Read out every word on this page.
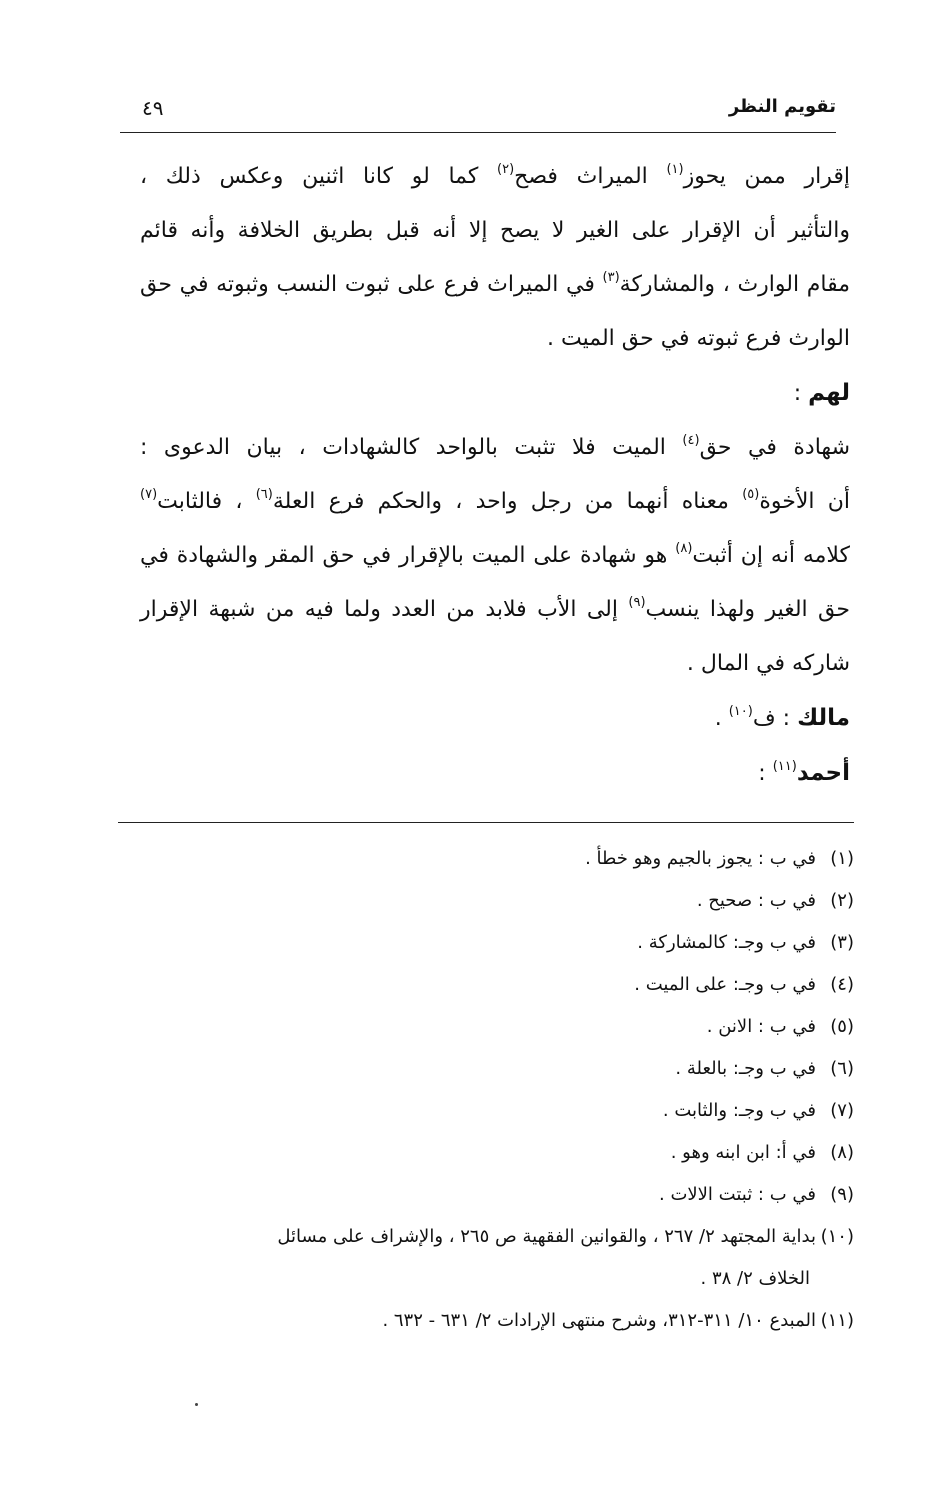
تقويم النظر
٤٩

إقرار ممن يحوز$^{(١)}$ الميراث فصح$^{(٢)}$ كما لو كانا اثنين وعكس ذلك ،
والتأثير أن الإقرار على الغير لا يصح إلا أنه قبل بطريق الخلافة وأنه قائم
مقام الوارث ، والمشاركة$^{(٣)}$ في الميراث فرع على ثبوت النسب وثبوته في حق
الوارث فرع ثبوته في حق الميت .

لهم :

شهادة في حق$^{(٤)}$ الميت فلا تثبت بالواحد كالشهادات ، بيان الدعوى :
أن الأخوة$^{(٥)}$ معناه أنهما من رجل واحد ، والحكم فرع العلة$^{(٦)}$ ، فالثابت$^{(٧)}$
كلامه أنه إن أثبت$^{(٨)}$ هو شهادة على الميت بالإقرار في حق المقر والشهادة في
حق الغير ولهذا ينسب$^{(٩)}$ إلى الأب فلابد من العدد ولما فيه من شبهة الإقرار
شاركه في المال .

مالك : ف$^{(١٠)}$ .

أحمد$^{(١١)}$ :

(١)في ب : يجوز بالجيم وهو خطأ .
(٢)في ب : صحيح .
(٣)في ب وجـ: كالمشاركة .
(٤)في ب وجـ: على الميت .
(٥)في ب : الانن .
(٦)في ب وجـ: بالعلة .
(٧)في ب وجـ: والثابت .
(٨)في أ: ابن ابنه وهو .
(٩)في ب : ثبتت الالات .
(١٠)بداية المجتهد ٢/ ٢٦٧ ، والقوانين الفقهية ص ٢٦٥ ، والإشراف على مسائل
الخلاف ٢/ ٣٨ .
(١١)المبدع ١٠/ ٣١١-٣١٢، وشرح منتهى الإرادات ٢/ ٦٣١ - ٦٣٢ .
